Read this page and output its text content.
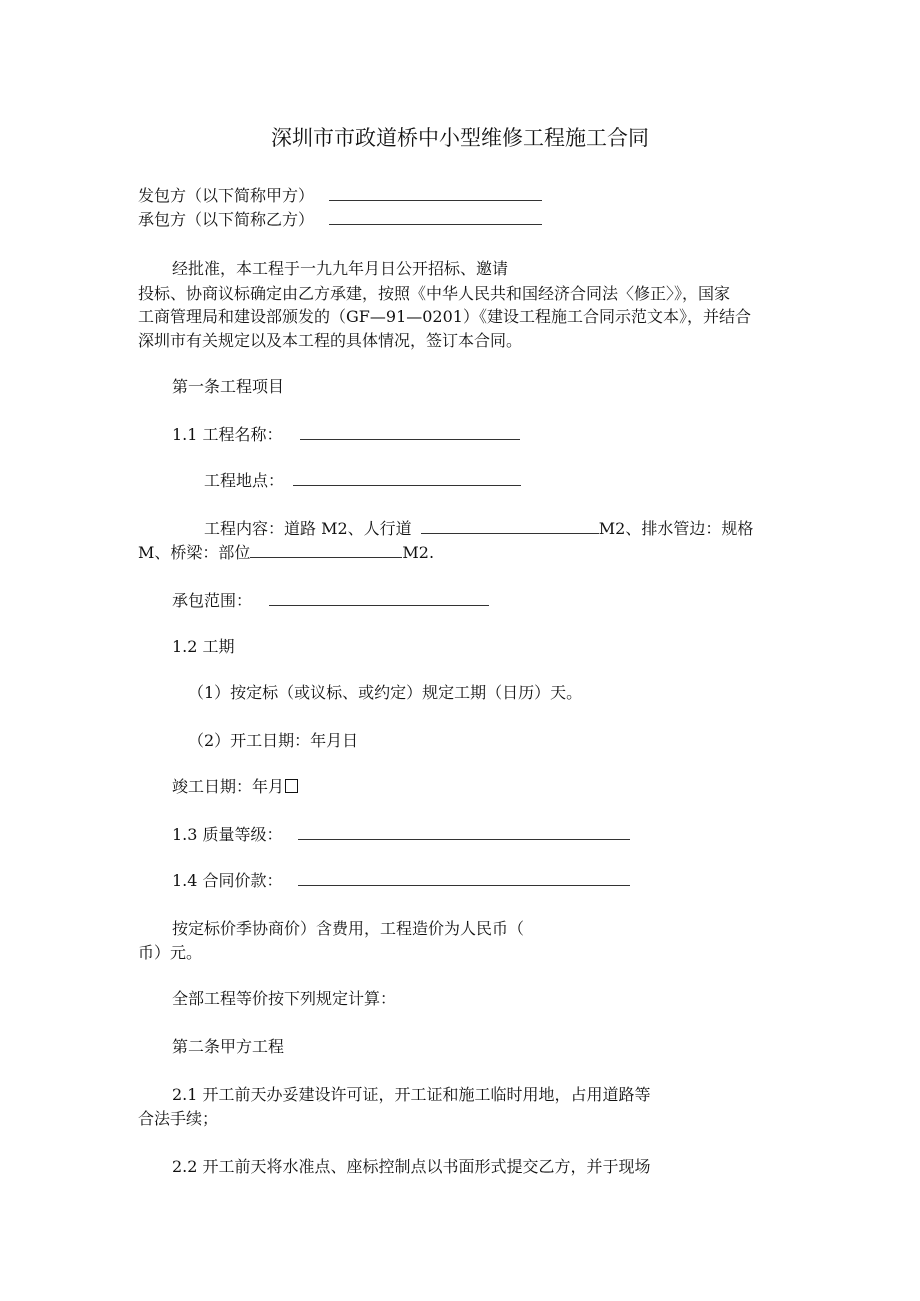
深圳市市政道桥中小型维修工程施工合同
发包方（以下简称甲方）
承包方（以下简称乙方）
经批准，本工程于一九九年月日公开招标、邀请
投标、协商议标确定由乙方承建，按照《中华人民共和国经济合同法〈修正〉》，国家
工商管理局和建设部颁发的（GF—91—0201）《建设工程施工合同示范文本》，并结合
深圳市有关规定以及本工程的具体情况，签订本合同。
第一条工程项目
1.1 工程名称：
工程地点：
工程内容：道路 M2、人行道	M2、排水管边：规格
M、桥梁：部位	M2.
承包范围：
1.2 工期
（1）按定标（或议标、或约定）规定工期（日历）天。
（2）开工日期：年月日
竣工日期：年月
1.3 质量等级：
1.4 合同价款：
按定标价季协商价）含费用，工程造价为人民币（
币）元。
全部工程等价按下列规定计算：
第二条甲方工程
2.1 开工前天办妥建设许可证，开工证和施工临时用地，占用道路等
合法手续；
2.2 开工前天将水准点、座标控制点以书面形式提交乙方，并于现场
